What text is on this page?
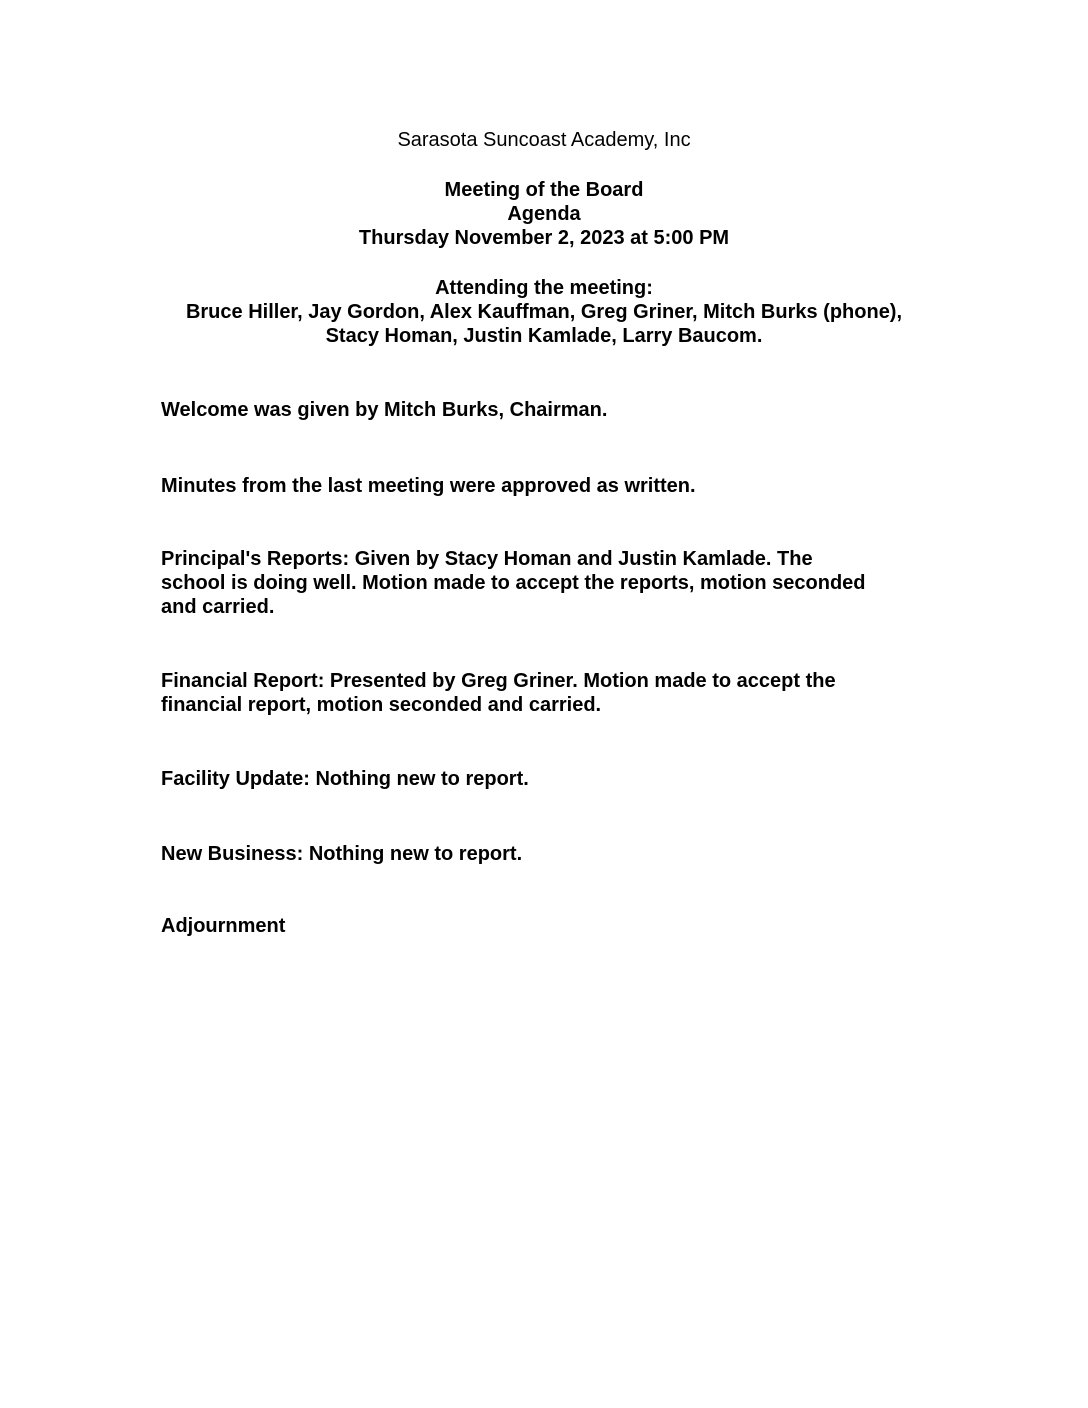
Sarasota Suncoast Academy, Inc

Meeting of the Board
Agenda
Thursday November 2, 2023 at 5:00 PM
Attending the meeting:
Bruce Hiller, Jay Gordon, Alex Kauffman, Greg Griner, Mitch Burks (phone),
Stacy Homan, Justin Kamlade, Larry Baucom.
Welcome was given by Mitch Burks, Chairman.
Minutes from the last meeting were approved as written.
Principal's Reports: Given by Stacy Homan and Justin Kamlade. The
school is doing well. Motion made to accept the reports, motion seconded
and carried.
Financial Report: Presented by Greg Griner. Motion made to accept the
financial report, motion seconded and carried.
Facility Update: Nothing new to report.
New Business: Nothing new to report.
Adjournment
